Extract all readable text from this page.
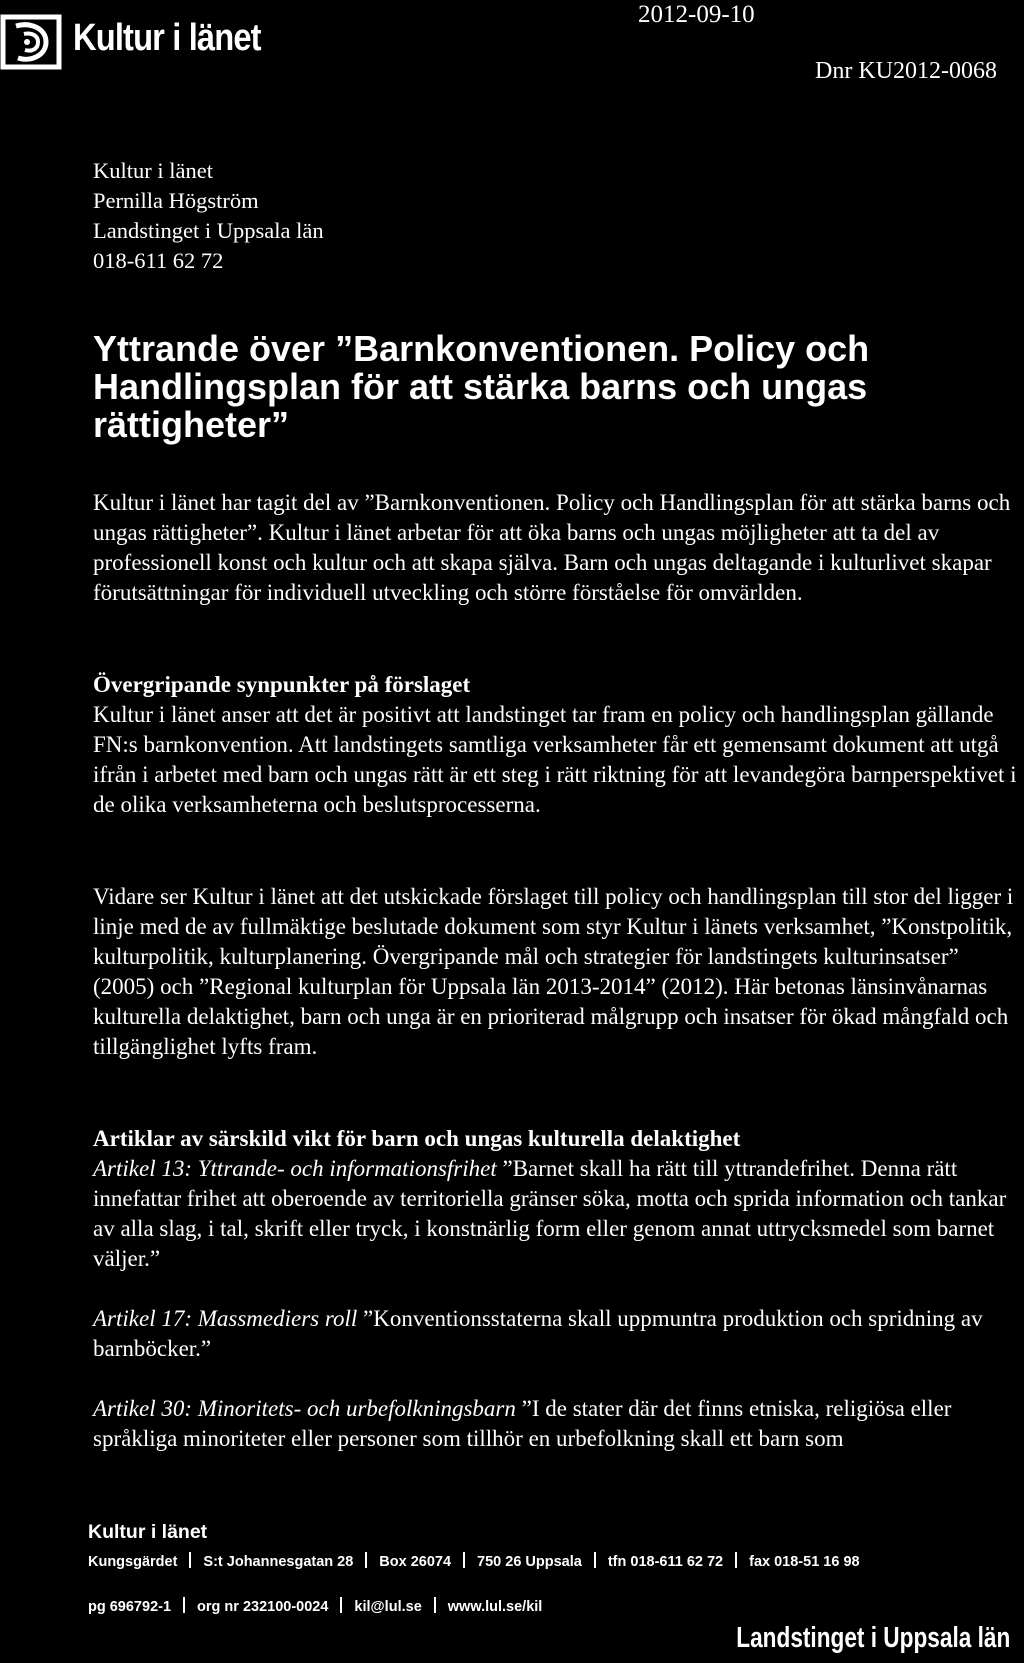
Kultur i länet
2012-09-10
Dnr KU2012-0068
Kultur i länet
Pernilla Högström
Landstinget i Uppsala län
018-611 62 72
Yttrande över ”Barnkonventionen. Policy och Handlingsplan för att stärka barns och ungas rättigheter”

Kultur i länet har tagit del av ”Barnkonventionen. Policy och Handlingsplan för att stärka barns och ungas rättigheter”. Kultur i länet arbetar för att öka barns och ungas möjligheter att ta del av professionell konst och kultur och att skapa själva. Barn och ungas deltagande i kulturlivet skapar förutsättningar för individuell utveckling och större förståelse för omvärlden.

Övergripande synpunkter på förslaget

Kultur i länet anser att det är positivt att landstinget tar fram en policy och handlingsplan gällande FN:s barnkonvention. Att landstingets samtliga verksamheter får ett gemensamt dokument att utgå ifrån i arbetet med barn och ungas rätt är ett steg i rätt riktning för att levandegöra barnperspektivet i de olika verksamheterna och beslutsprocesserna.

Vidare ser Kultur i länet att det utskickade förslaget till policy och handlingsplan till stor del ligger i linje med de av fullmäktige beslutade dokument som styr Kultur i länets verksamhet, ”Konstpolitik, kulturpolitik, kulturplanering. Övergripande mål och strategier för landstingets kulturinsatser” (2005) och ”Regional kulturplan för Uppsala län 2013-2014” (2012). Här betonas länsinvånarnas kulturella delaktighet, barn och unga är en prioriterad målgrupp och insatser för ökad mångfald och tillgänglighet lyfts fram.

Artiklar av särskild vikt för barn och ungas kulturella delaktighet

Artikel 13: Yttrande- och informationsfrihet ”Barnet skall ha rätt till yttrandefrihet. Denna rätt innefattar frihet att oberoende av territoriella gränser söka, motta och sprida information och tankar av alla slag, i tal, skrift eller tryck, i konstnärlig form eller genom annat uttrycksmedel som barnet väljer.”

Artikel 17: Massmediers roll ”Konventionsstaterna skall uppmuntra produktion och spridning av barnböcker.”

Artikel 30: Minoritets- och urbefolkningsbarn ”I de stater där det finns etniska, religiösa eller språkliga minoriteter eller personer som tillhör en urbefolkning skall ett barn som

Kultur i länet
Kungsgärdet S:t Johannesgatan 28 Box 26074 750 26 Uppsala tfn 018-611 62 72 fax 018-51 16 98
pg 696792-1 org nr 232100-0024 kil@lul.se www.lul.se/kil
Landstinget i Uppsala län
